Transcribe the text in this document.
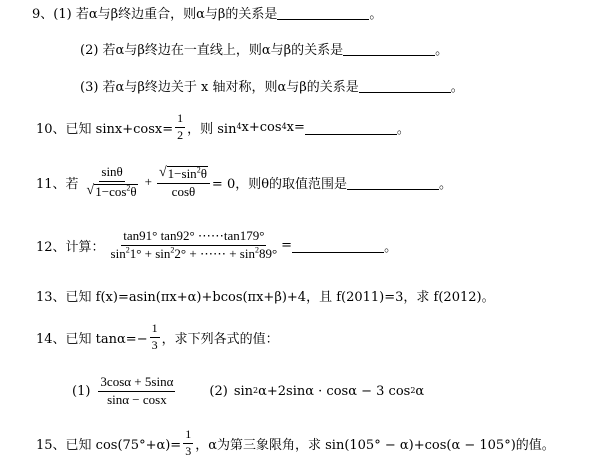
9、(1) 若α与β终边重合，则α与β的关系是	。
(2) 若α与β终边在一直线上，则α与β的关系是	。
(3) 若α与β终边关于 x 轴对称，则α与β的关系是	。
10、已知 $\sin x+\cos x= \frac{1}{2}$ ，则 sin 4 x+cos 4 x=	。
11、若 $\frac{\sin\theta}{√ 1-\cos^2\theta} + \frac{√ 1-\sin^2\theta}{\cos\theta} = 0$，则θ的取值范围是	。
12、计算： $\frac{\tan 91^\circ \tan 92^\circ \cdots\cdots\tan 179^\circ}{\sin^21^\circ + \sin^22^\circ + \cdots\cdots + \sin^289^\circ}$ =	。
13、已知 f(x)=asin(πx+α)+bcos(πx+β)+4，且 f(2011)=3，求 f(2012)。
14、已知 $\tan\alpha=- \frac{1}{3}$ ，求下列各式的值：
$(1) \frac{3\cos\alpha + 5\sin\alpha}{\sin\alpha - \cos x}$	(2) sin 2 α+2sinα · cosα − 3 cos 2 α
15、已知 $\cos(75^\circ+\alpha)= \frac{1}{3}$ ，α为第三象限角，求 sin(105° − α)+cos(α − 105°)的值。
